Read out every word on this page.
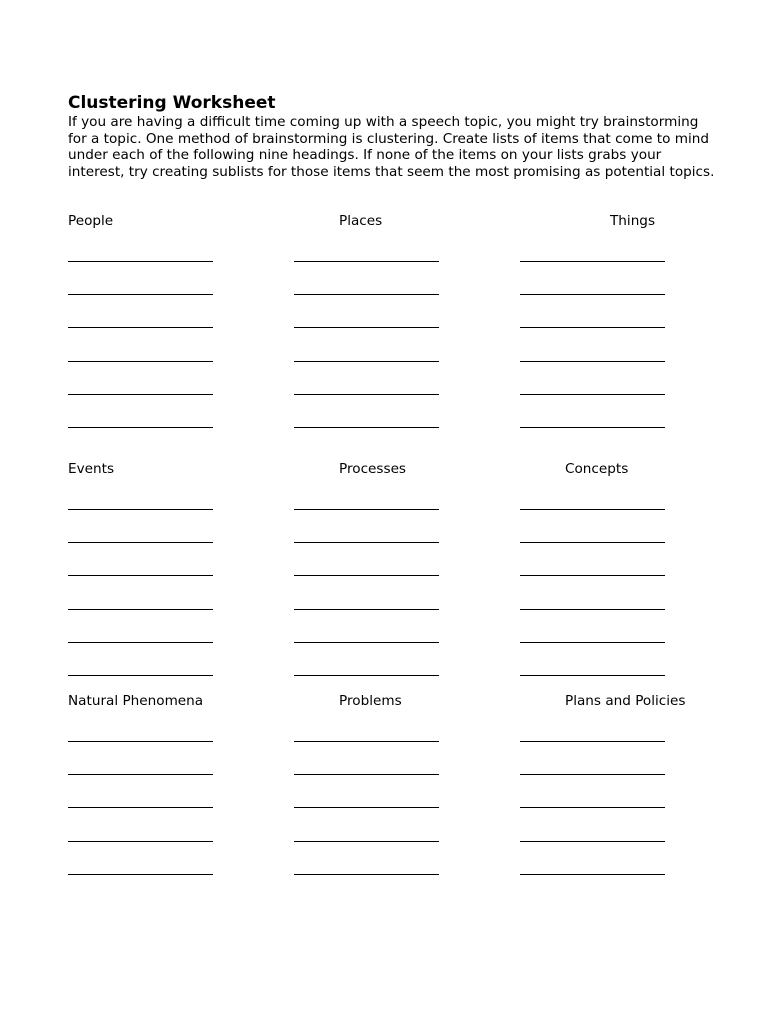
Clustering Worksheet

If you are having a difficult time coming up with a speech topic, you might try brainstorming for a topic. One method of brainstorming is clustering. Create lists of items that come to mind under each of the following nine headings. If none of the items on your lists grabs your interest, try creating sublists for those items that seem the most promising as potential topics.

People	Places	Things
Events	Processes	Concepts
Natural Phenomena	Problems	Plans and Policies
